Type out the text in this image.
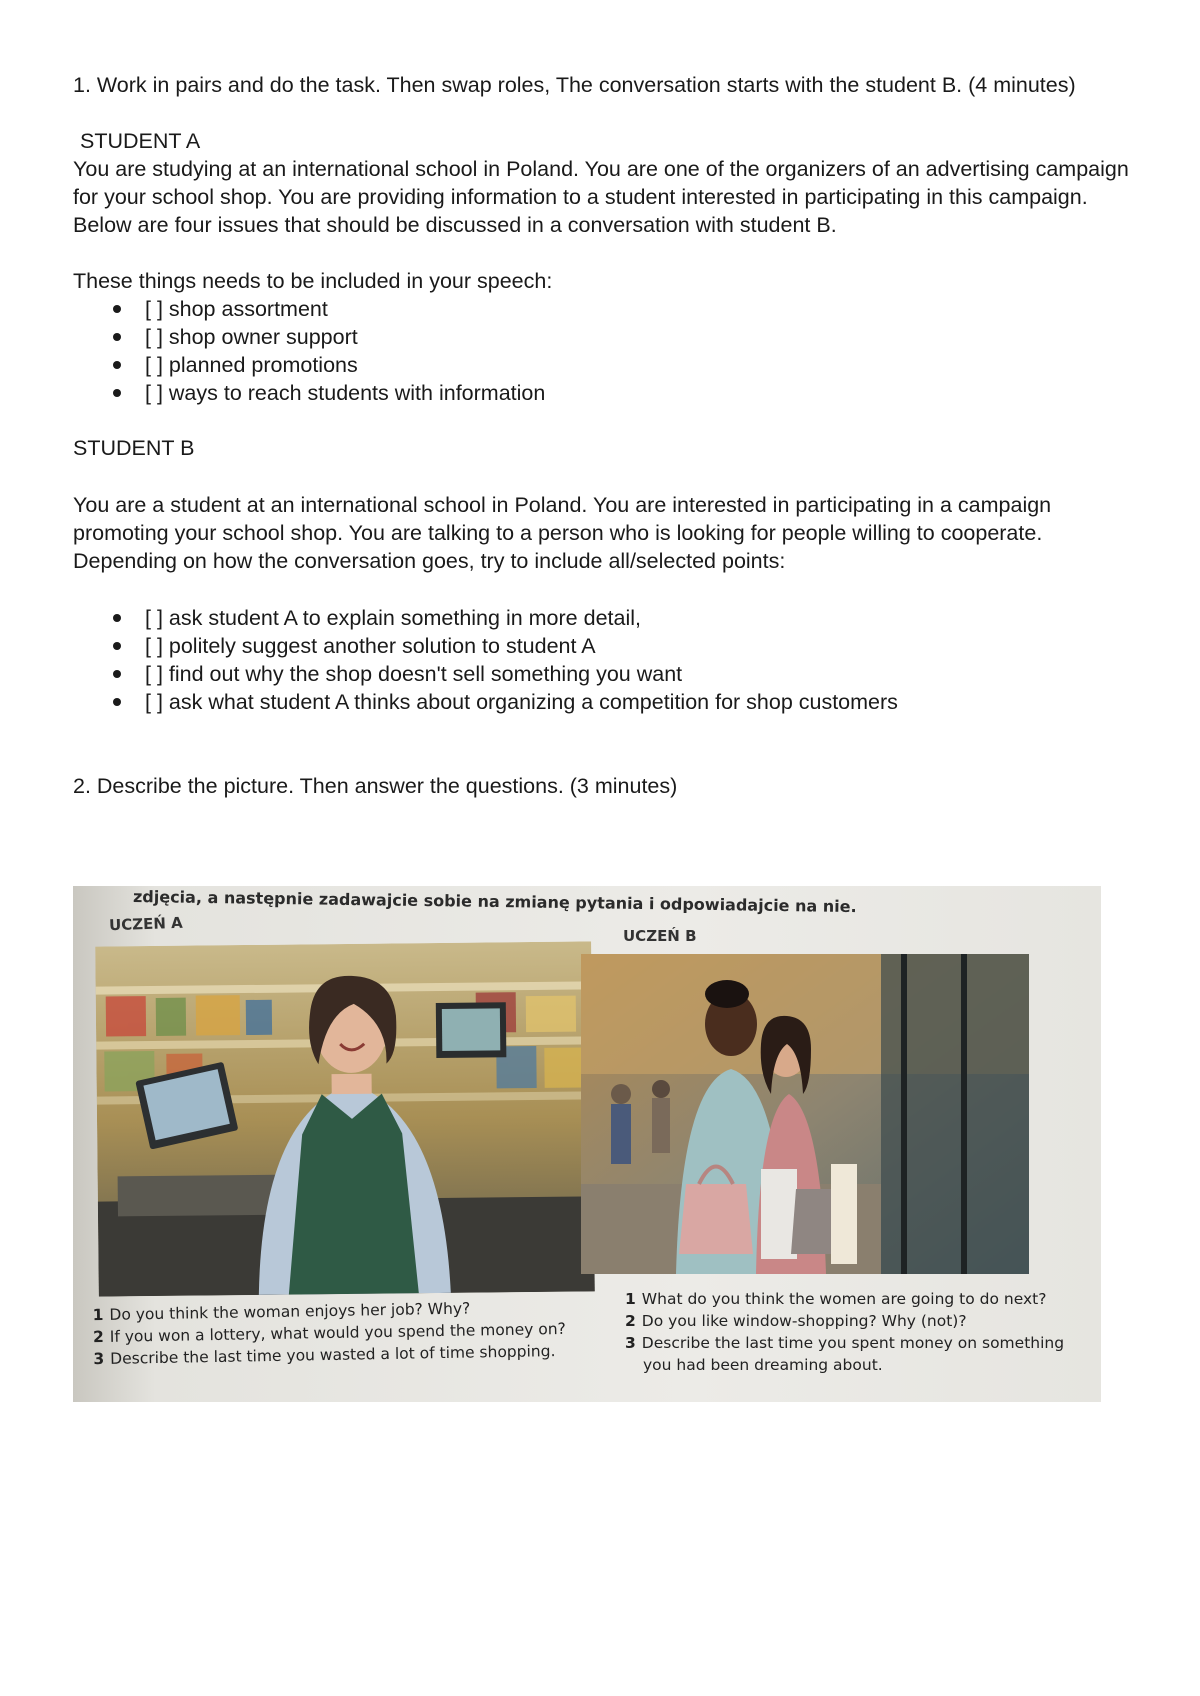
1. Work in pairs and do the task. Then swap roles, The conversation starts with the student B. (4 minutes)

STUDENT A

You are studying at an international school in Poland. You are one of the organizers of an advertising campaign for your school shop. You are providing information to a student interested in participating in this campaign. Below are four issues that should be discussed in a conversation with student B.

These things needs to be included in your speech:

[ ] shop assortment
[ ] shop owner support
[ ] planned promotions
[ ] ways to reach students with information

STUDENT B

You are a student at an international school in Poland. You are interested in participating in a campaign promoting your school shop. You are talking to a person who is looking for people willing to cooperate. Depending on how the conversation goes, try to include all/selected points:

[ ] ask student A to explain something in more detail,
[ ] politely suggest another solution to student A
[ ] find out why the shop doesn't sell something you want
[ ] ask what student A thinks about organizing a competition for shop customers

2. Describe the picture. Then answer the questions. (3 minutes)

zdjęcia, a następnie zadawajcie sobie na zmianę pytania i odpowiadajcie na nie.
UCZEŃ A
UCZEŃ B
1 Do you think the woman enjoys her job? Why?
2 If you won a lottery, what would you spend the money on?
3 Describe the last time you wasted a lot of time shopping.
1 What do you think the women are going to do next?
2 Do you like window-shopping? Why (not)?
3 Describe the last time you spent money on something
you had been dreaming about.
